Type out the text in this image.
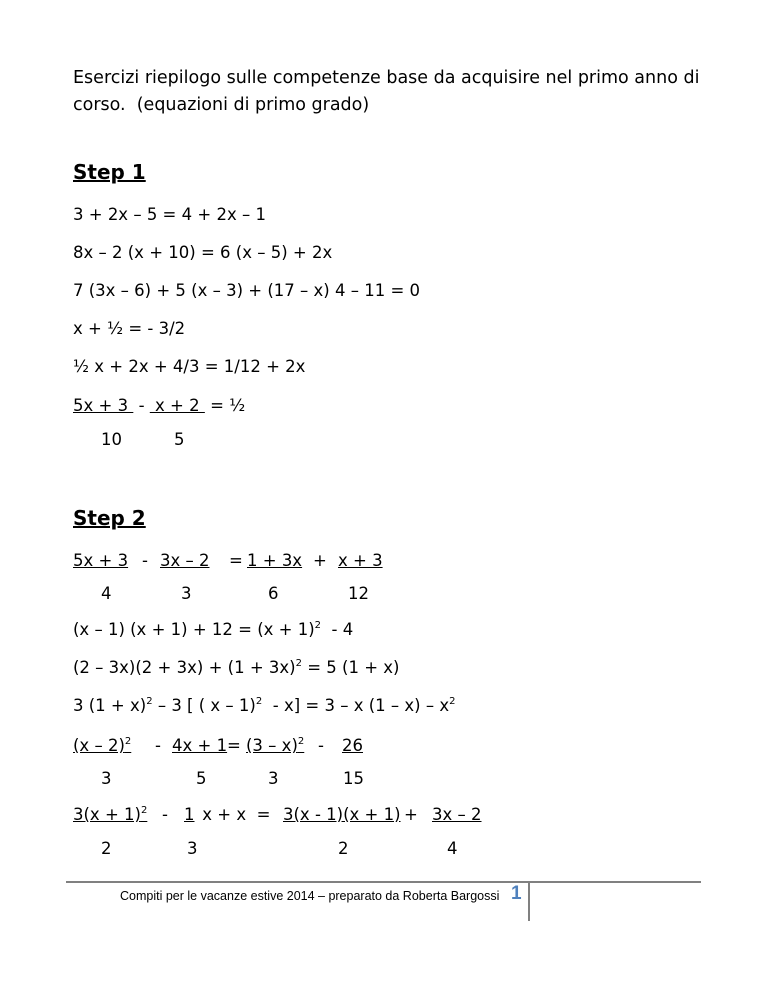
Esercizi riepilogo sulle competenze base da acquisire nel primo anno di
corso.  (equazioni di primo grado)
Step 1
3 + 2x – 5 = 4 + 2x – 1
8x – 2 (x + 10) = 6 (x – 5) + 2x
7 (3x – 6) + 5 (x – 3) + (17 – x) 4 – 11 = 0
x + ½ = - 3/2
½ x + 2x + 4/3 = 1/12 + 2x
5x + 3  -  x + 2  = ½
10	5
Step 2
5x + 3 - 3x – 2 = 1 + 3x + x + 3
4	3	6	12
(x – 1) $(x + 1) + 12 = (x + 1)^2 - 4$
$(2 - 3x)(2 + 3x) + (1 + 3x)^2 = 5$ (1 + x)
3 $(1 + x)^2 - 3$ [ ( x – 1)$^2$  - x] = 3 – x $(1 - x) - x^2$
(x – 2)$^2$ - 4x + 1 = (3 – x)$^2$ - 26
3	5	3	15
$3(x + 1)^2 - 1$ x + x  = 3(x - 1)(x + 1) + 3x – 2
2	3	2	4
Compiti per le vacanze estive 2014 – preparato da Roberta Bargossi 1
